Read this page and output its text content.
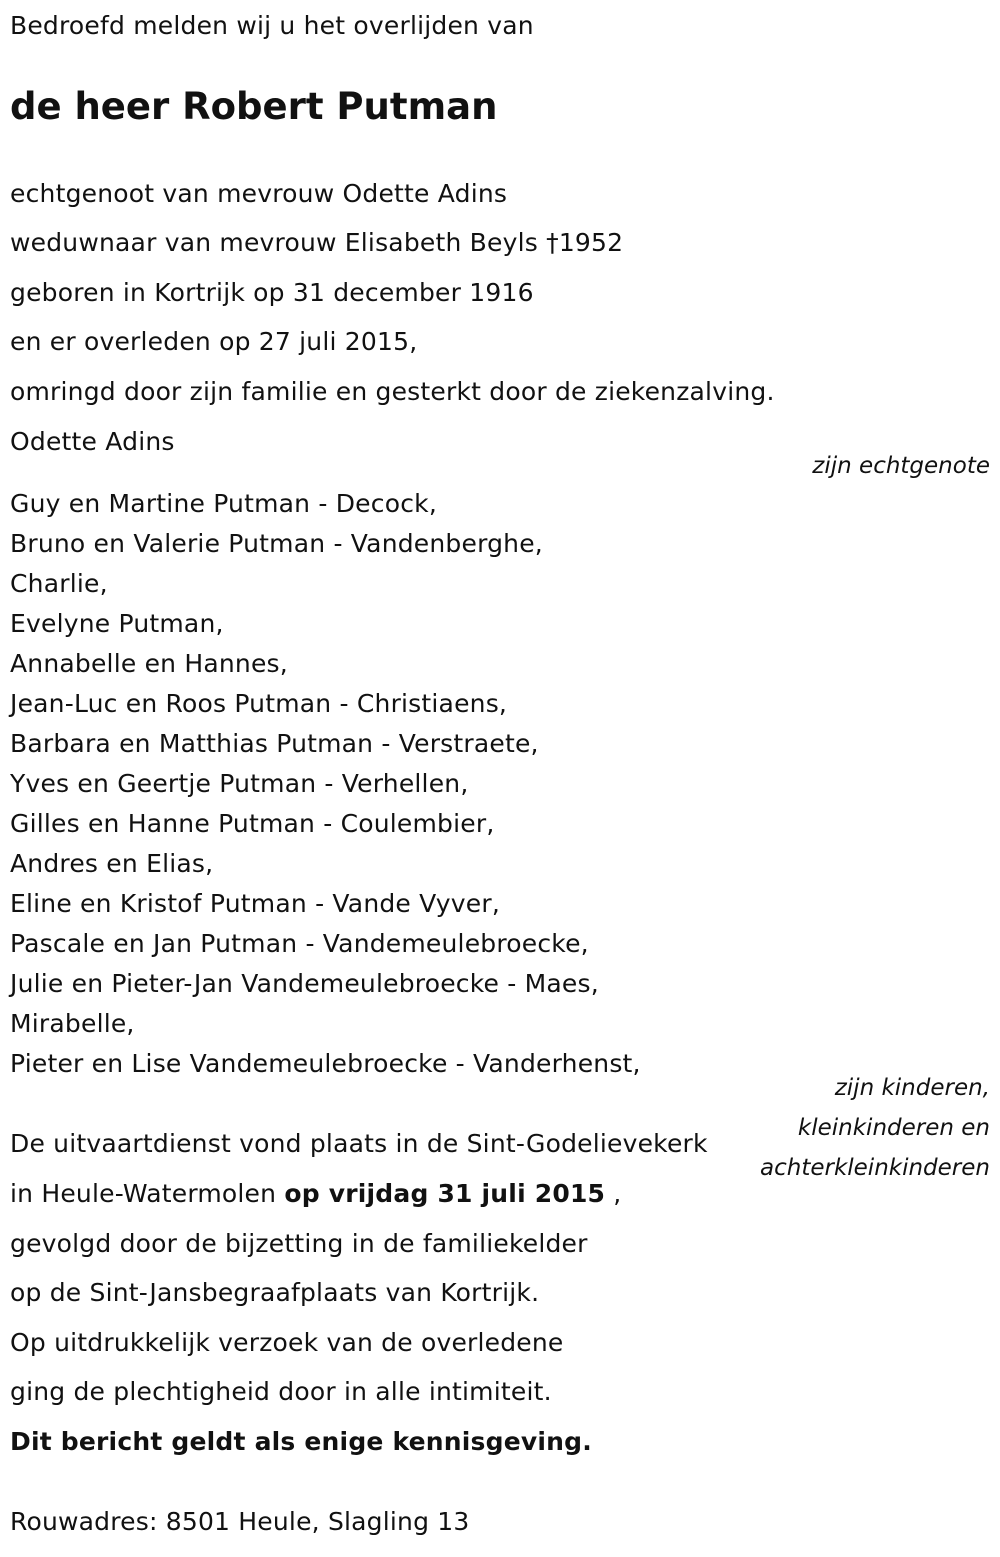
Bedroefd melden wij u het overlijden van
de heer Robert Putman
echtgenoot van mevrouw Odette Adins
weduwnaar van mevrouw Elisabeth Beyls †1952
geboren in Kortrijk op 31 december 1916
en er overleden op 27 juli 2015,
omringd door zijn familie en gesterkt door de ziekenzalving.
Odette Adins
zijn echtgenote
Guy en Martine Putman - Decock,
Bruno en Valerie Putman - Vandenberghe,
Charlie,
Evelyne Putman,
Annabelle en Hannes,
Jean-Luc en Roos Putman - Christiaens,
Barbara en Matthias Putman - Verstraete,
Yves en Geertje Putman - Verhellen,
Gilles en Hanne Putman - Coulembier,
Andres en Elias,
Eline en Kristof Putman - Vande Vyver,
Pascale en Jan Putman - Vandemeulebroecke,
Julie en Pieter-Jan Vandemeulebroecke - Maes,
Mirabelle,
Pieter en Lise Vandemeulebroecke - Vanderhenst,
zijn kinderen,
kleinkinderen en
achterkleinkinderen
De uitvaartdienst vond plaats in de Sint-Godelievekerk
in Heule-Watermolen op vrijdag 31 juli 2015 ,
gevolgd door de bijzetting in de familiekelder
op de Sint-Jansbegraafplaats van Kortrijk.
Op uitdrukkelijk verzoek van de overledene
ging de plechtigheid door in alle intimiteit.
Dit bericht geldt als enige kennisgeving.
Rouwadres: 8501 Heule, Slagling 13
